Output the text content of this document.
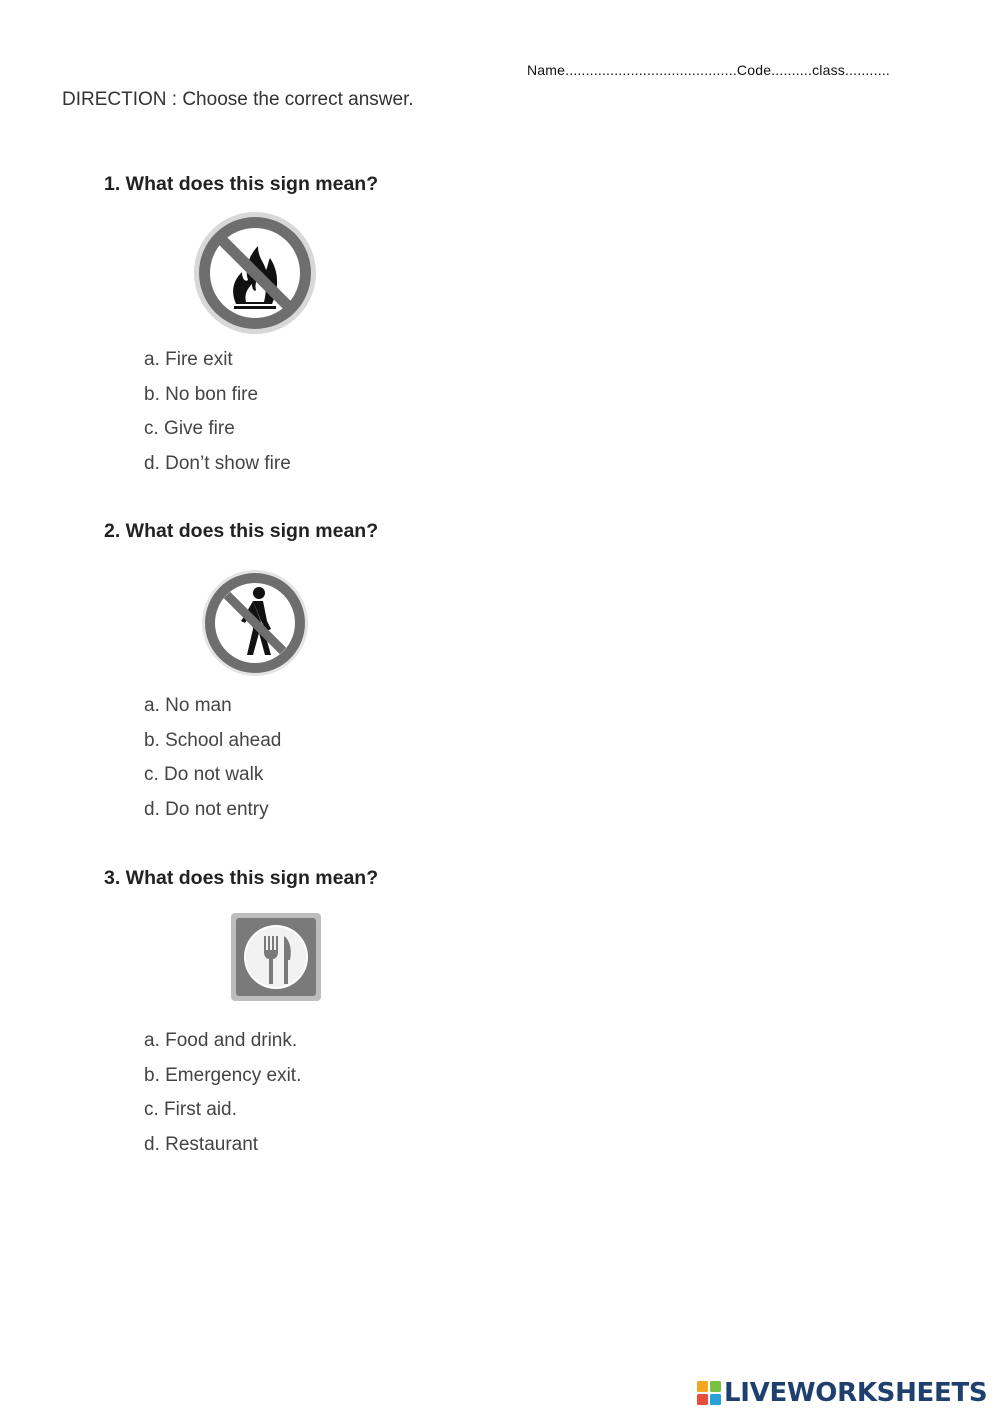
Name..........................................Code..........class...........
DIRECTION : Choose the correct answer.
1. What does this sign mean?
a. Fire exit
b. No bon fire
c. Give fire
d. Don’t show fire
2. What does this sign mean?
a. No man
b. School ahead
c. Do not walk
d. Do not entry
3. What does this sign mean?
a. Food and drink.
b. Emergency exit.
c. First aid.
d. Restaurant
LIVEWORKSHEETS
